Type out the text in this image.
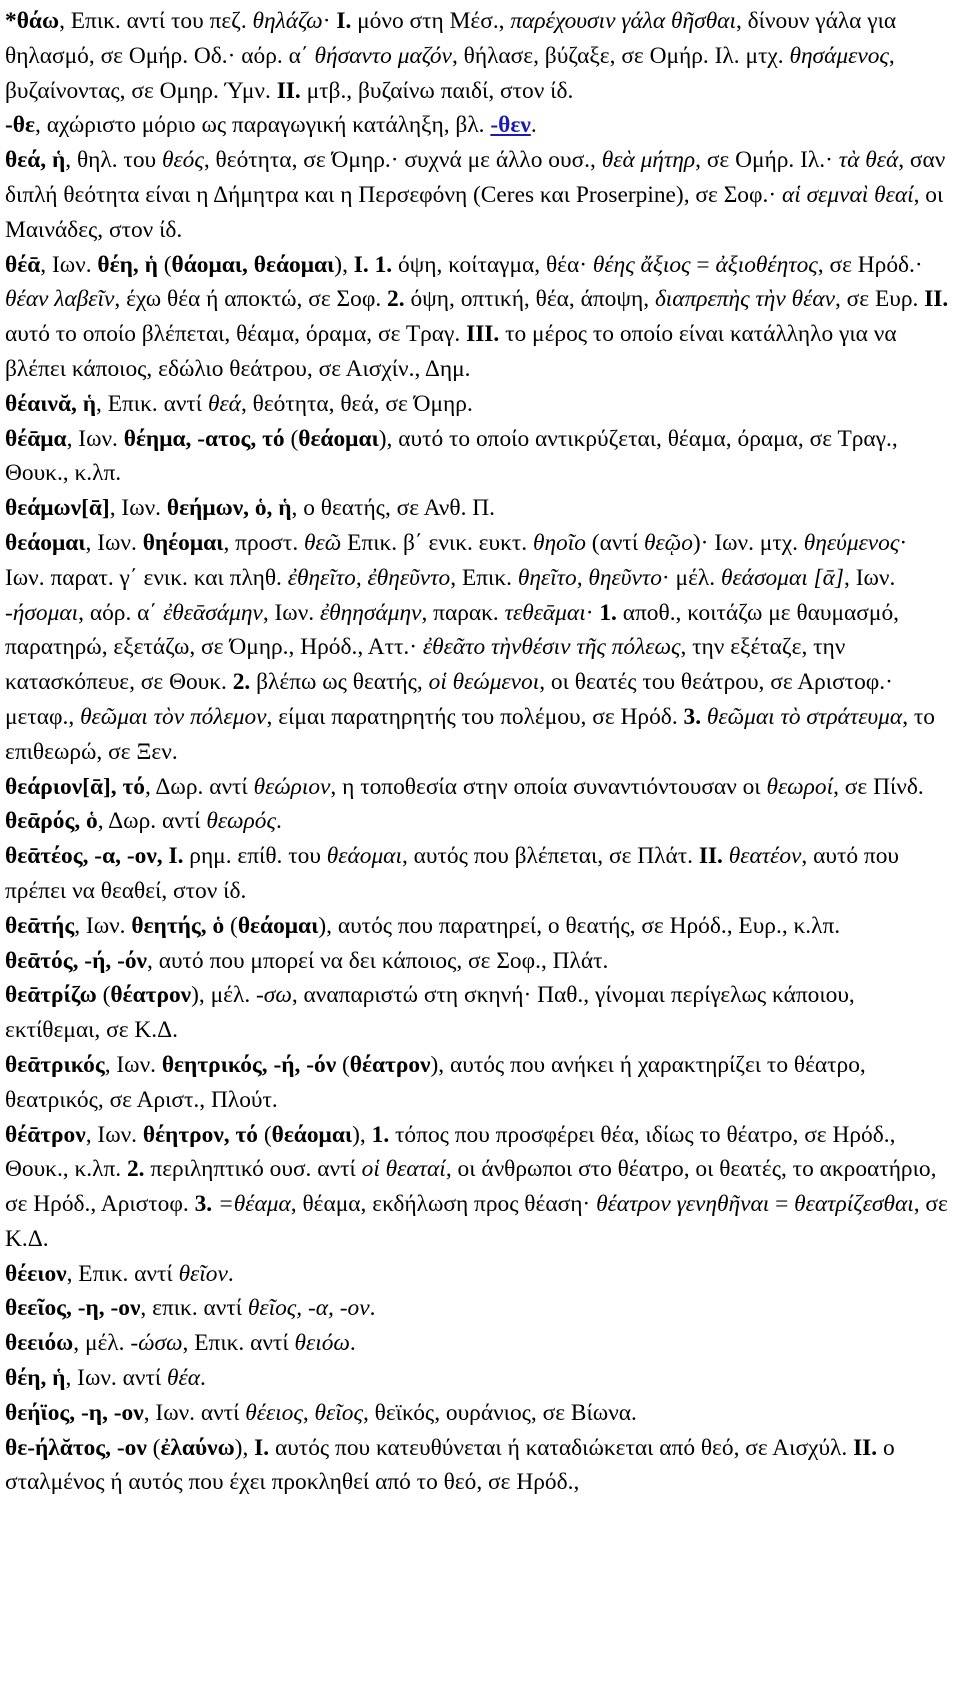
*θάω, Επικ. αντί του πεζ. θηλάζω· I. μόνο στη Μέσ., παρέχουσιν γάλα θῆσθαι, δίνουν γάλα για θηλασμό, σε Ομήρ. Οδ.· αόρ. α΄ θήσαντο μαζόν, θήλασε, βύζαξε, σε Ομήρ. Ιλ. μτχ. θησάμενος, βυζαίνοντας, σε Ομηρ. Ύμν. II. μτβ., βυζαίνω παιδί, στον ίδ.

-θε, αχώριστο μόριο ως παραγωγική κατάληξη, βλ. -θεν.

θεά, ἡ, θηλ. του θεός, θεότητα, σε Όμηρ.· συχνά με άλλο ουσ., θεὰ μήτηρ, σε Ομήρ. Ιλ.· τὰ θεά, σαν διπλή θεότητα είναι η Δήμητρα και η Περσεφόνη (Ceres και Proserpine), σε Σοφ.· αἱ σεμναὶ θεαί, οι Μαινάδες, στον ίδ.

θέᾱ, Ιων. θέη, ἡ (θάομαι, θεάομαι), I. 1. όψη, κοίταγμα, θέα· θέης ἄξιος = ἀξιοθέητος, σε Ηρόδ.· θέαν λαβεῖν, έχω θέα ή αποκτώ, σε Σοφ. 2. όψη, οπτική, θέα, άποψη, διαπρεπὴς τὴν θέαν, σε Ευρ. II. αυτό το οποίο βλέπεται, θέαμα, όραμα, σε Τραγ. III. το μέρος το οποίο είναι κατάλληλο για να βλέπει κάποιος, εδώλιο θεάτρου, σε Αισχίν., Δημ.

θέαινᾰ, ἡ, Επικ. αντί θεά, θεότητα, θεά, σε Όμηρ.

θέᾱμα, Ιων. θέημα, -ατος, τό (θεάομαι), αυτό το οποίο αντικρύζεται, θέαμα, όραμα, σε Τραγ., Θουκ., κ.λπ.

θεάμων[ᾱ], Ιων. θεήμων, ὁ, ἡ, ο θεατής, σε Ανθ. Π.

θεάομαι, Ιων. θηέομαι, προστ. θεῶ Επικ. β΄ ενικ. ευκτ. θηοῖο (αντί θεῷο)· Ιων. μτχ. θηεύμενος· Ιων. παρατ. γ΄ ενικ. και πληθ. ἐθηεῖτο, ἐθηεῦντο, Επικ. θηεῖτο, θηεῦντο· μέλ. θεάσομαι [ᾱ], Ιων. -ήσομαι, αόρ. α΄ ἐθεᾱσάμην, Ιων. ἐθηησάμην, παρακ. τεθεᾱμαι· 1. αποθ., κοιτάζω με θαυμασμό, παρατηρώ, εξετάζω, σε Όμηρ., Ηρόδ., Αττ.· ἐθεᾶτο τὴνθέσιν τῆς πόλεως, την εξέταζε, την κατασκόπευε, σε Θουκ. 2. βλέπω ως θεατής, οἱ θεώμενοι, οι θεατές του θεάτρου, σε Αριστοφ.· μεταφ., θεῶμαι τὸν πόλεμον, είμαι παρατηρητής του πολέμου, σε Ηρόδ. 3. θεῶμαι τὸ στράτευμα, το επιθεωρώ, σε Ξεν.

θεάριον[ᾱ], τό, Δωρ. αντί θεώριον, η τοποθεσία στην οποία συναντιόντουσαν οι θεωροί, σε Πίνδ.

θεᾱρός, ὁ, Δωρ. αντί θεωρός.

θεᾱτέος, -α, -ον, I. ρημ. επίθ. του θεάομαι, αυτός που βλέπεται, σε Πλάτ. II. θεατέον, αυτό που πρέπει να θεαθεί, στον ίδ.

θεᾱτής, Ιων. θεητής, ὁ (θεάομαι), αυτός που παρατηρεί, ο θεατής, σε Ηρόδ., Ευρ., κ.λπ.

θεᾱτός, -ή, -όν, αυτό που μπορεί να δει κάποιος, σε Σοφ., Πλάτ.

θεᾱτρίζω (θέατρον), μέλ. -σω, αναπαριστώ στη σκηνή· Παθ., γίνομαι περίγελως κάποιου, εκτίθεμαι, σε Κ.Δ.

θεᾱτρικός, Ιων. θεητρικός, -ή, -όν (θέατρον), αυτός που ανήκει ή χαρακτηρίζει το θέατρο, θεατρικός, σε Αριστ., Πλούτ.

θέᾱτρον, Ιων. θέητρον, τό (θεάομαι), 1. τόπος που προσφέρει θέα, ιδίως το θέατρο, σε Ηρόδ., Θουκ., κ.λπ. 2. περιληπτικό ουσ. αντί οἱ θεαταί, οι άνθρωποι στο θέατρο, οι θεατές, το ακροατήριο, σε Ηρόδ., Αριστοφ. 3. =θέαμα, θέαμα, εκδήλωση προς θέαση· θέατρον γενηθῆναι = θεατρίζεσθαι, σε Κ.Δ.

θέειον, Επικ. αντί θεῖον.

θεεῖος, -η, -ον, επικ. αντί θεῖος, -α, -ον.

θεειόω, μέλ. -ώσω, Επικ. αντί θειόω.

θέη, ἡ, Ιων. αντί θέα.

θεήϊος, -η, -ον, Ιων. αντί θέειος, θεῖος, θεϊκός, ουράνιος, σε Βίωνα.

θε-ήλᾰτος, -ον (ἐλαύνω), I. αυτός που κατευθύνεται ή καταδιώκεται από θεό, σε Αισχύλ. II. ο σταλμένος ή αυτός που έχει προκληθεί από το θεό, σε Ηρόδ.,
